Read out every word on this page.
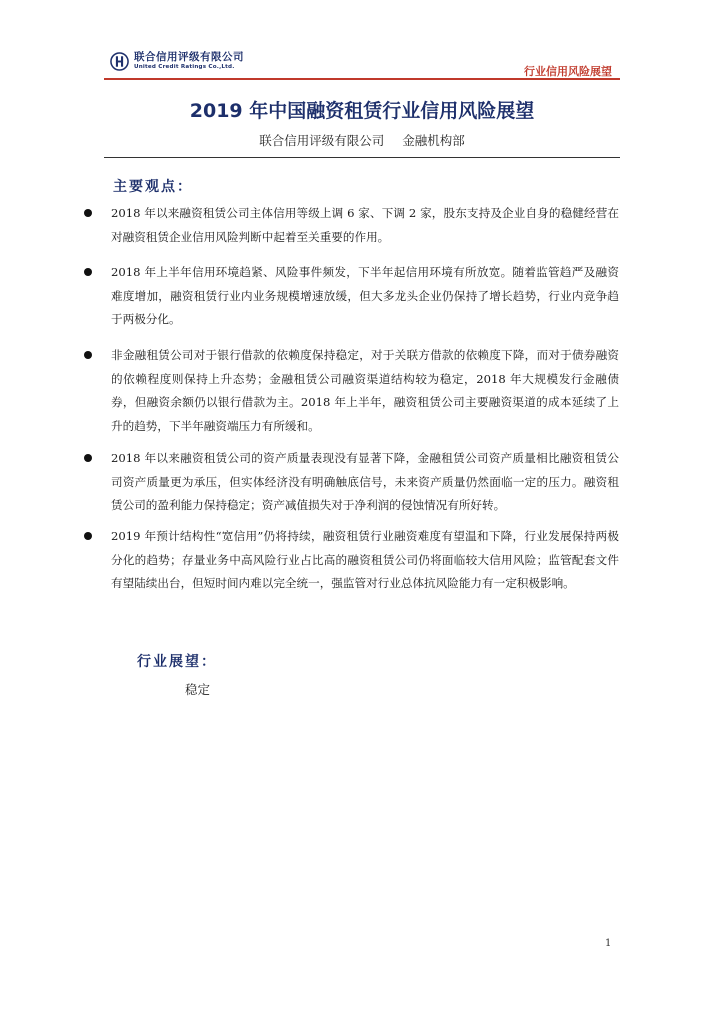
联合信用评级有限公司
United Credit Ratings Co.,Ltd.	行业信用风险展望
2019 年中国融资租赁行业信用风险展望
联合信用评级有限公司 金融机构部
主要观点：

2018 年以来融资租赁公司主体信用等级上调 6 家、下调 2 家，股东支持及企业自身的稳健经营在对融资租赁企业信用风险判断中起着至关重要的作用。

2018 年上半年信用环境趋紧、风险事件频发，下半年起信用环境有所放宽。随着监管趋严及融资难度增加，融资租赁行业内业务规模增速放缓，但大多龙头企业仍保持了增长趋势，行业内竞争趋于两极分化。

非金融租赁公司对于银行借款的依赖度保持稳定，对于关联方借款的依赖度下降，而对于债券融资的依赖程度则保持上升态势；金融租赁公司融资渠道结构较为稳定，2018 年大规模发行金融债券，但融资余额仍以银行借款为主。2018 年上半年，融资租赁公司主要融资渠道的成本延续了上升的趋势，下半年融资端压力有所缓和。

2018 年以来融资租赁公司的资产质量表现没有显著下降，金融租赁公司资产质量相比融资租赁公司资产质量更为承压，但实体经济没有明确触底信号，未来资产质量仍然面临一定的压力。融资租赁公司的盈利能力保持稳定；资产减值损失对于净利润的侵蚀情况有所好转。

2019 年预计结构性“宽信用”仍将持续，融资租赁行业融资难度有望温和下降，行业发展保持两极分化的趋势；存量业务中高风险行业占比高的融资租赁公司仍将面临较大信用风险；监管配套文件有望陆续出台，但短时间内难以完全统一，强监管对行业总体抗风险能力有一定积极影响。

行业展望：
稳定
1
